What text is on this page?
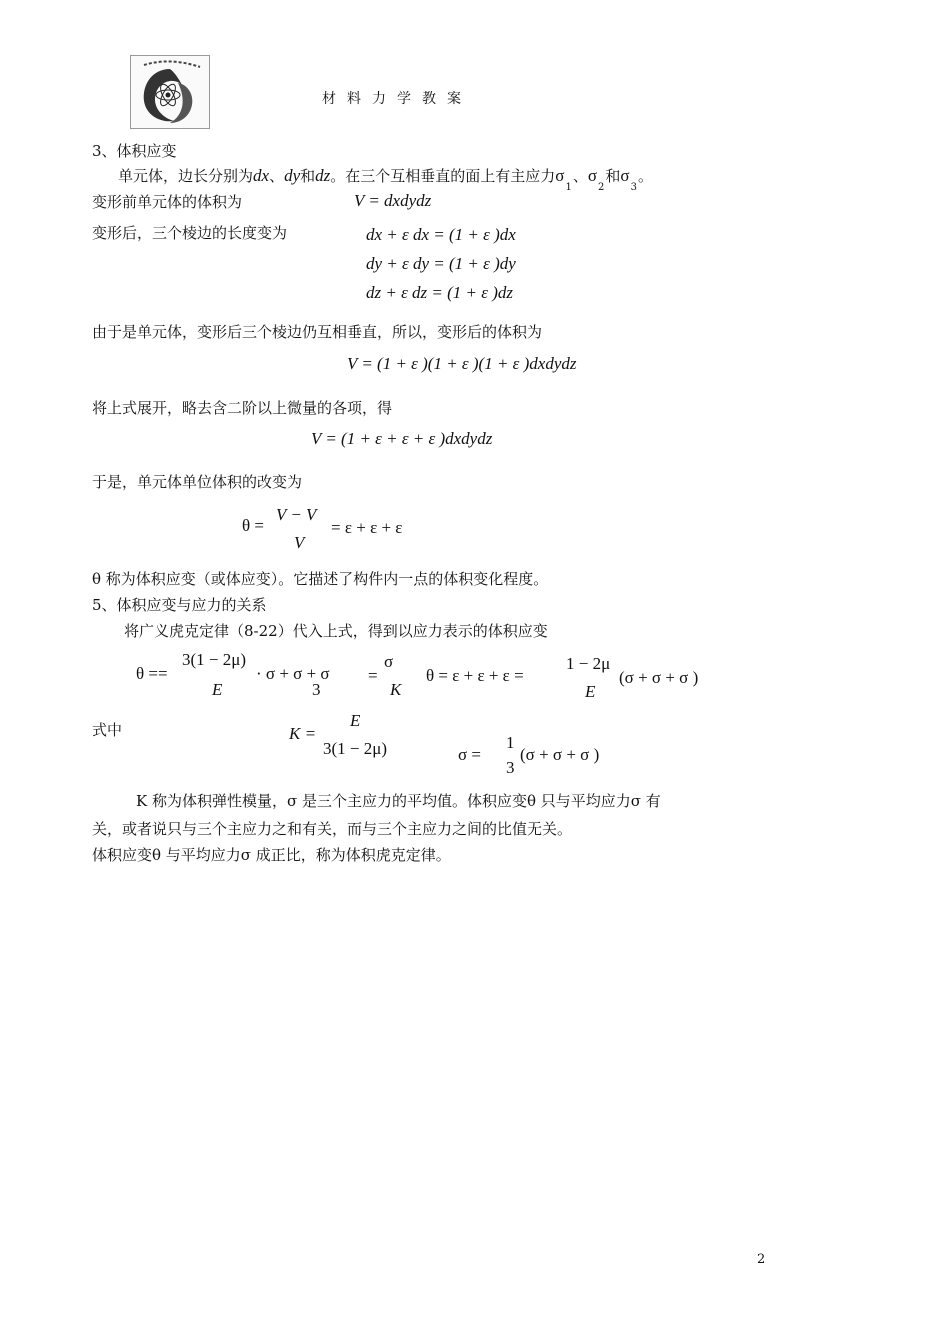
材料力学教案
3、体积应变
单元体，边长分别为dx、dy和dz。在三个互相垂直的面上有主应力$\sigma_1$、$\sigma_2$和$\sigma_3$。
变形前单元体的体积为	V = dxdydz
变形后，三个棱边的长度变为	dx + ε dx = (1 + ε )dx
dy + ε dy = (1 + ε )dy
dz + ε dz = (1 + ε )dz
由于是单元体，变形后三个棱边仍互相垂直，所以，变形后的体积为
V = (1 + ε )(1 + ε )(1 + ε )dxdydz
将上式展开，略去含二阶以上微量的各项，得
V = (1 + ε + ε + ε )dxdydz
于是，单元体单位体积的改变为
θ =
V − V
V
= ε + ε + ε
θ 称为体积应变（或体应变）。它描述了构件内一点的体积变化程度。
5、体积应变与应力的关系
将广义虎克定律（8-22）代入上式，得到以应力表示的体积应变
θ ==
3(1 − 2μ)
E
· σ + σ + σ
3
=
σ
K
θ = ε + ε + ε =
1 − 2μ
E
(σ + σ + σ )
式中	K =
E
3(1 − 2μ)	σ =
1
3
(σ + σ + σ )
K 称为体积弹性模量，σ 是三个主应力的平均值。体积应变θ 只与平均应力σ 有
关，或者说只与三个主应力之和有关，而与三个主应力之间的比值无关。
体积应变θ 与平均应力σ 成正比，称为体积虎克定律。
2
